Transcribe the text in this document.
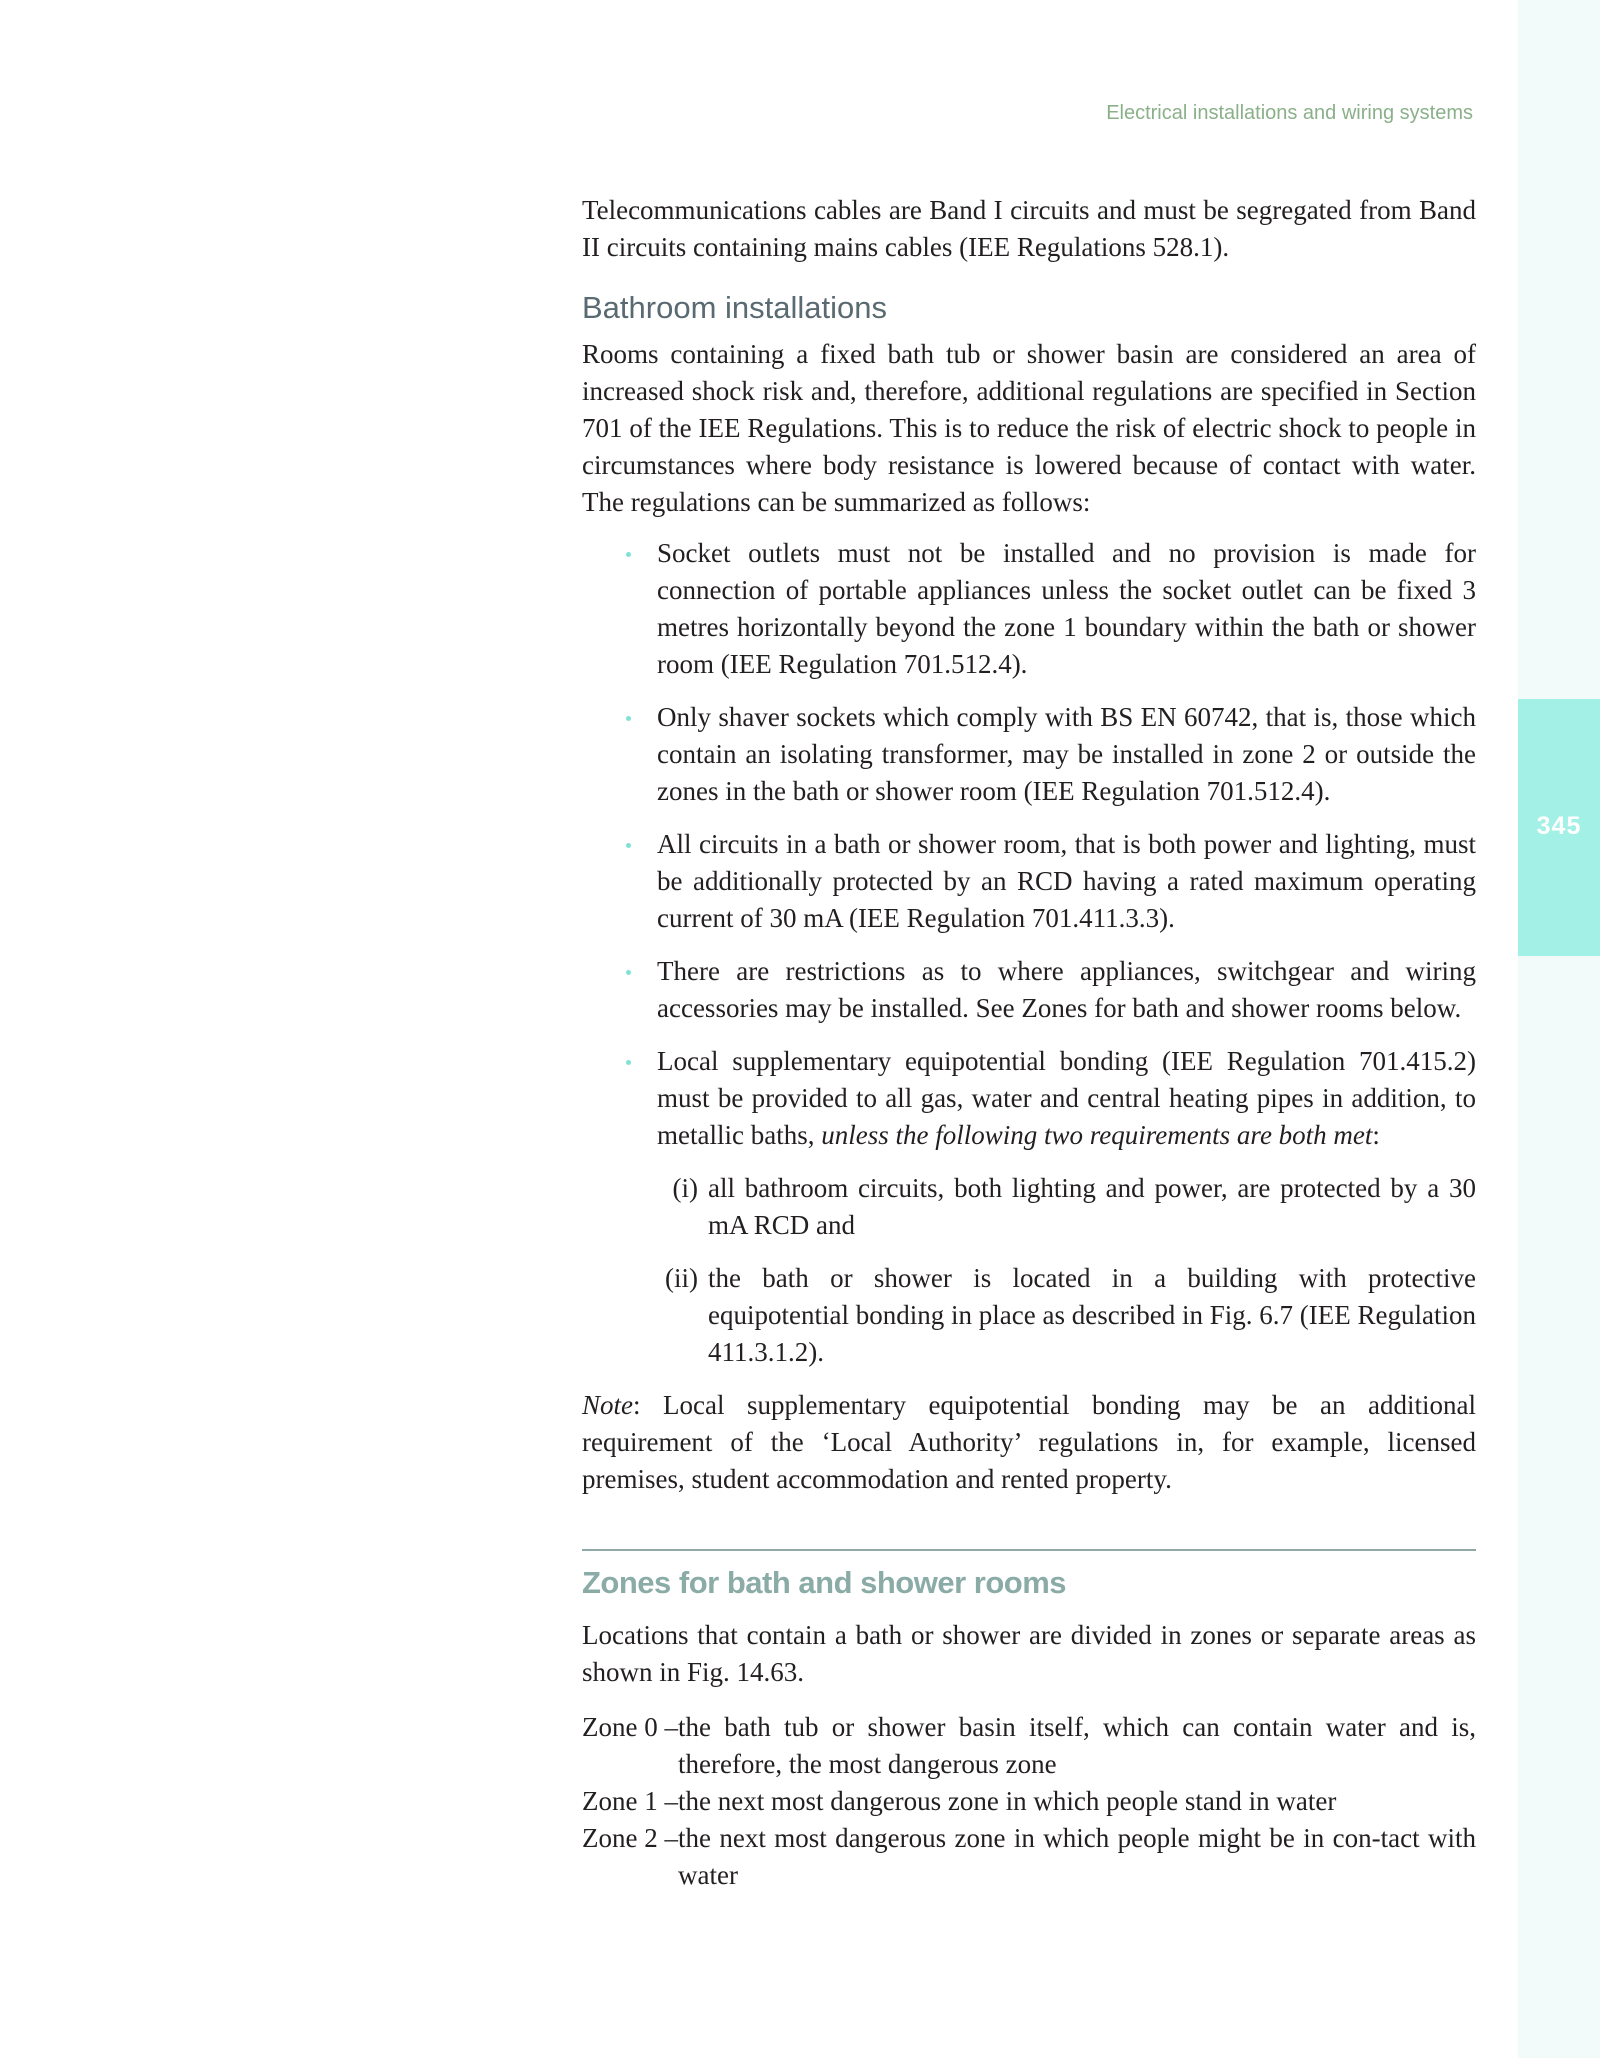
345
Electrical installations and wiring systems

Telecommunications cables are Band I circuits and must be segregated from Band II circuits containing mains cables (IEE Regulations 528.1).

Bathroom installations

Rooms containing a fixed bath tub or shower basin are considered an area of increased shock risk and, therefore, additional regulations are specified in Section 701 of the IEE Regulations. This is to reduce the risk of electric shock to people in circumstances where body resistance is lowered because of contact with water. The regulations can be summarized as follows:

Socket outlets must not be installed and no provision is made for connection of portable appliances unless the socket outlet can be fixed 3 metres horizontally beyond the zone 1 boundary within the bath or shower room (IEE Regulation 701.512.4).
Only shaver sockets which comply with BS EN 60742, that is, those which contain an isolating transformer, may be installed in zone 2 or outside the zones in the bath or shower room (IEE Regulation 701.512.4).
All circuits in a bath or shower room, that is both power and lighting, must be additionally protected by an RCD having a rated maximum operating current of 30 mA (IEE Regulation 701.411.3.3).
There are restrictions as to where appliances, switchgear and wiring accessories may be installed. See Zones for bath and shower rooms below.
Local supplementary equipotential bonding (IEE Regulation 701.415.2) must be provided to all gas, water and central heating pipes in addition, to metallic baths, unless the following two requirements are both met:
(i) all bathroom circuits, both lighting and power, are protected by a 30 mA RCD and
(ii) the bath or shower is located in a building with protective equipotential bonding in place as described in Fig. 6.7 (IEE Regulation 411.3.1.2).

Note: Local supplementary equipotential bonding may be an additional requirement of the ‘Local Authority’ regulations in, for example, licensed premises, student accommodation and rented property.

Zones for bath and shower rooms

Locations that contain a bath or shower are divided in zones or separate areas as shown in Fig. 14.63.

Zone 0 – the bath tub or shower basin itself, which can contain water and is, therefore, the most dangerous zone
Zone 1 – the next most dangerous zone in which people stand in water
Zone 2 – the next most dangerous zone in which people might be in con-tact with water
